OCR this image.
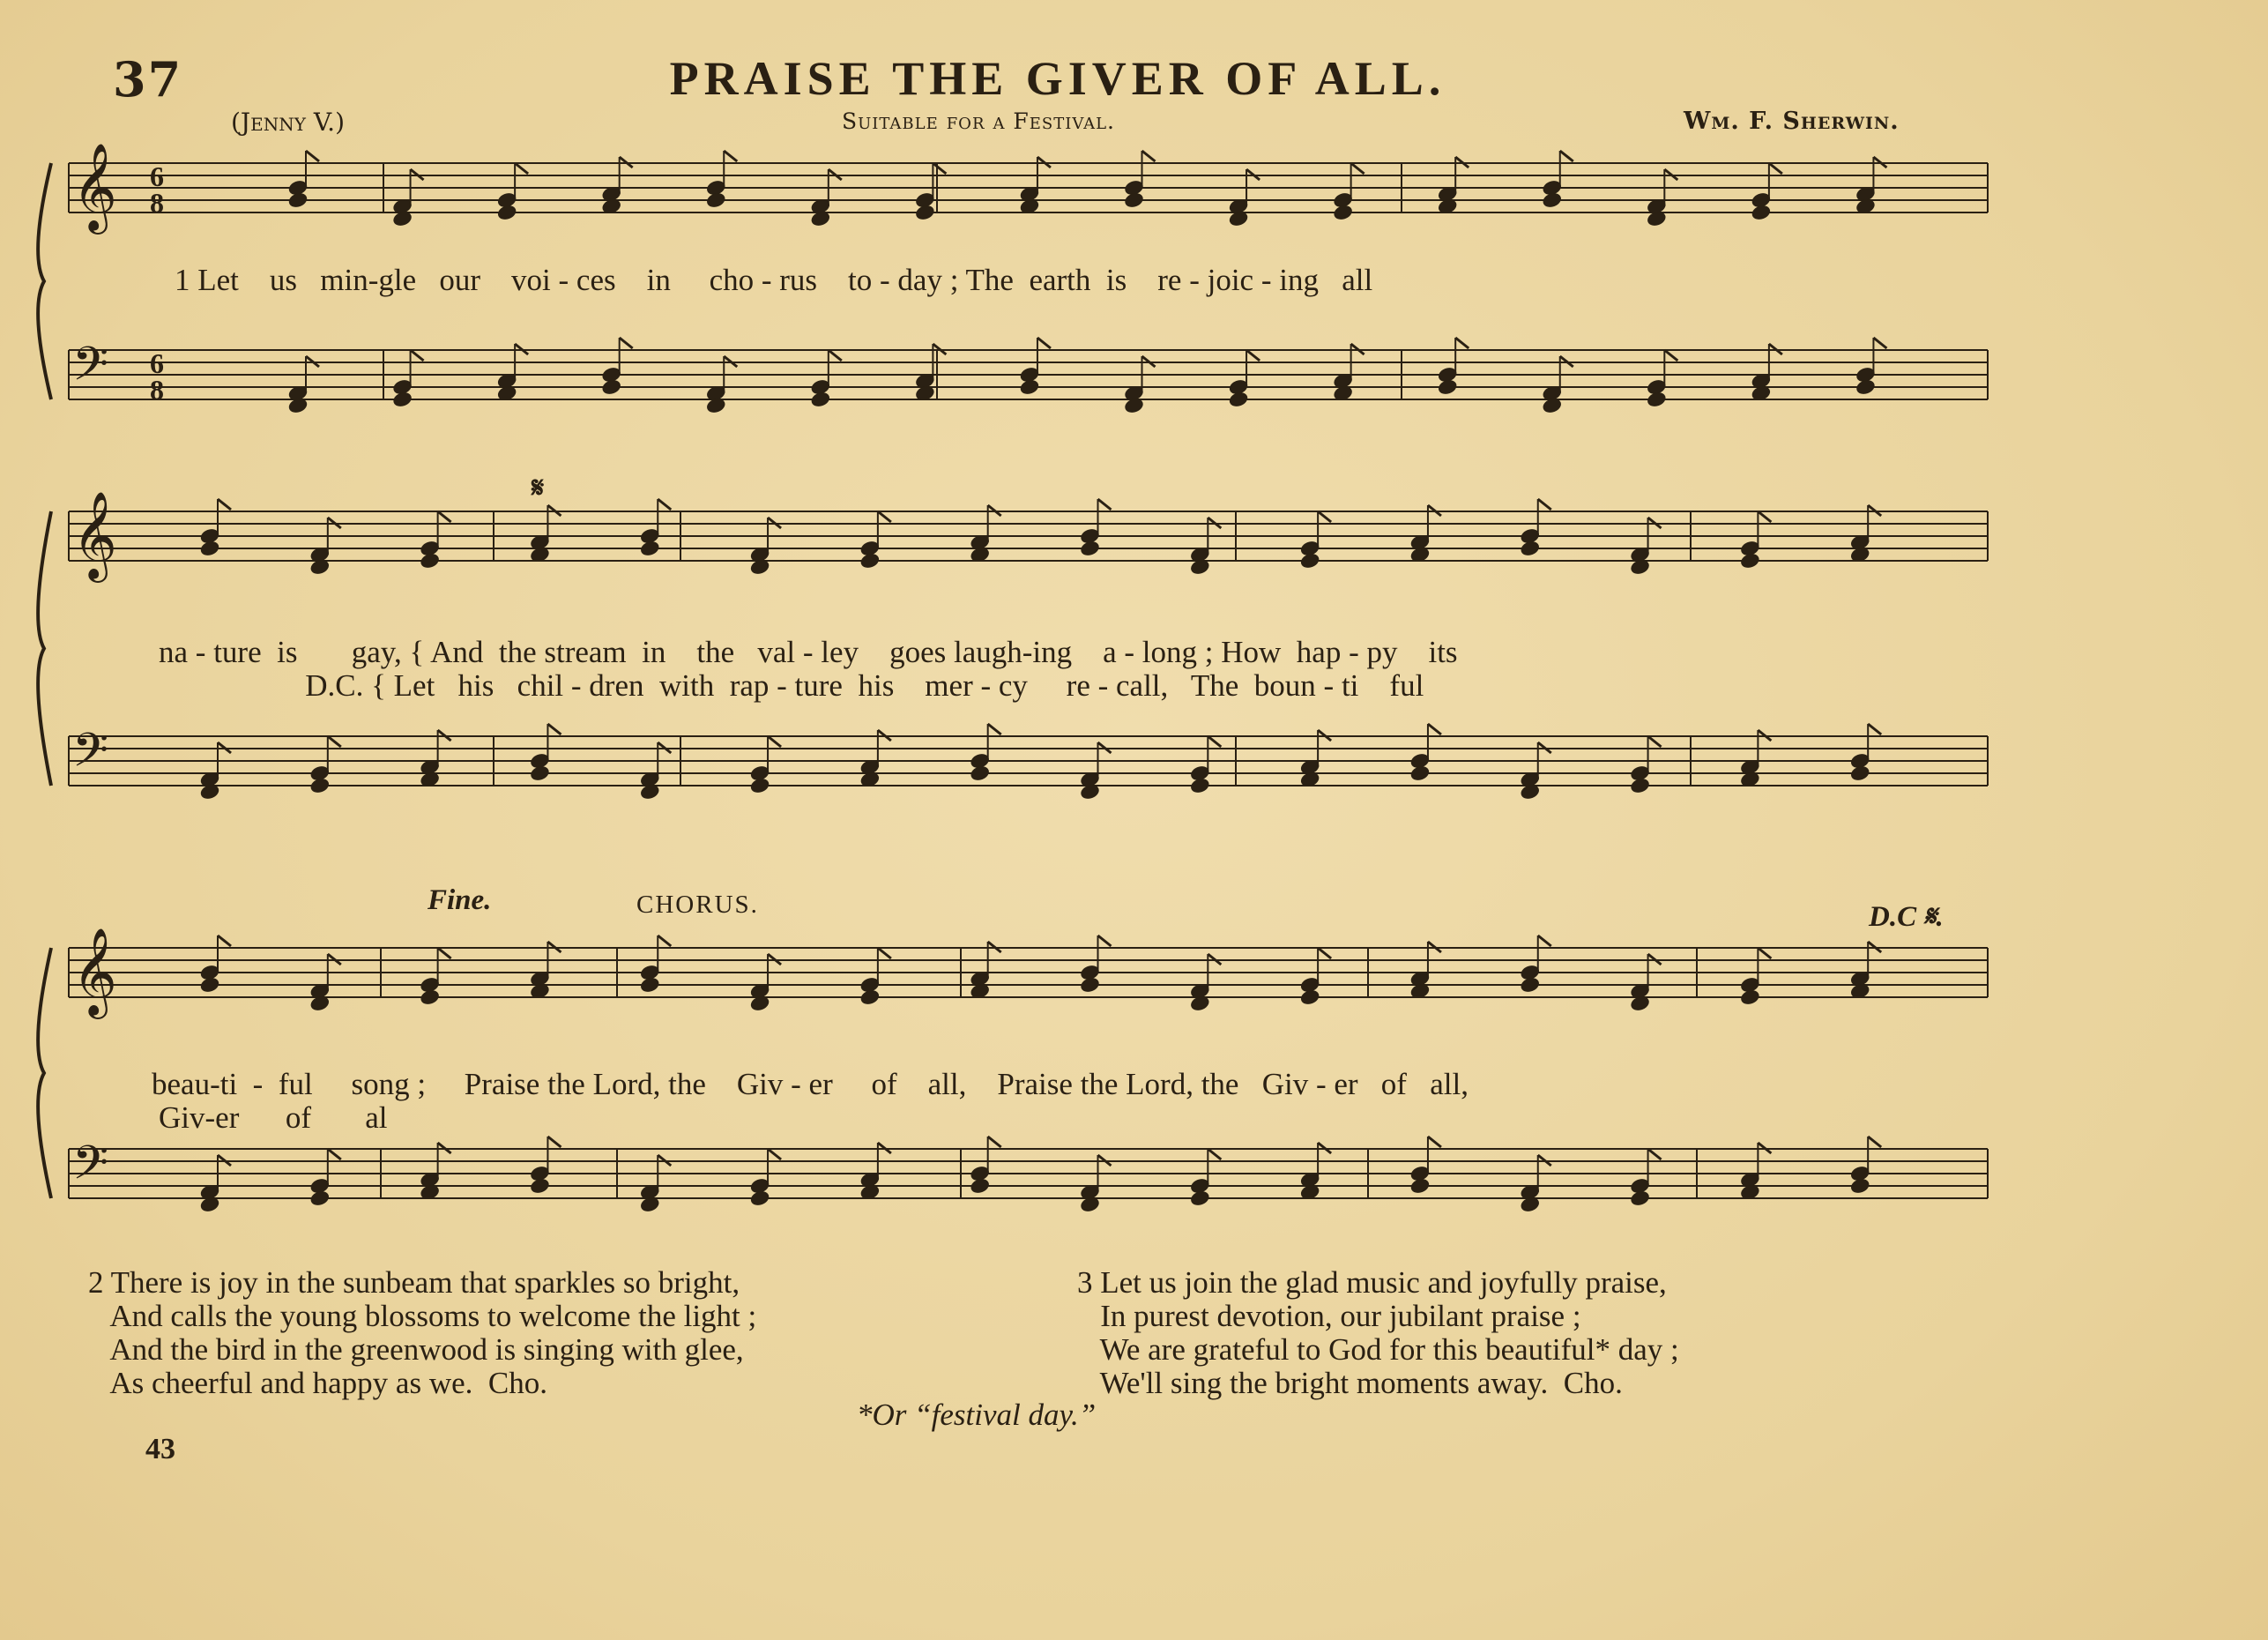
37	PRAISE THE GIVER OF ALL.
(Jenny V.)	Suitable for a Festival.	Wm. F. Sherwin.
𝄞 6
8
𝄢 6
8
𝄞
𝄢
𝄞
𝄢
1 Let    us   min-gle   our    voi - ces    in     cho - rus    to - day ; The  earth  is    re - joic - ing   all
𝄋
na - ture  is       gay, { And  the stream  in    the   val - ley    goes laugh-ing    a - long ; How  hap - py    its
D.C. { Let   his   chil - dren  with  rap - ture  his    mer - cy     re - call,   The  boun - ti    ful
Fine.	CHORUS.	D.C 𝄋.
beau-ti  -  ful     song ;     Praise the Lord, the    Giv - er     of    all,    Praise the Lord, the   Giv - er   of   all,
Giv-er      of       al
2 There is joy in the sunbeam that sparkles so bright,
And calls the young blossoms to welcome the light ;
And the bird in the greenwood is singing with glee,
As cheerful and happy as we.  Cho.
3 Let us join the glad music and joyfully praise,
In purest devotion, our jubilant praise ;
We are grateful to God for this beautiful* day ;
We'll sing the bright moments away.  Cho.
*Or “festival day.”
43
